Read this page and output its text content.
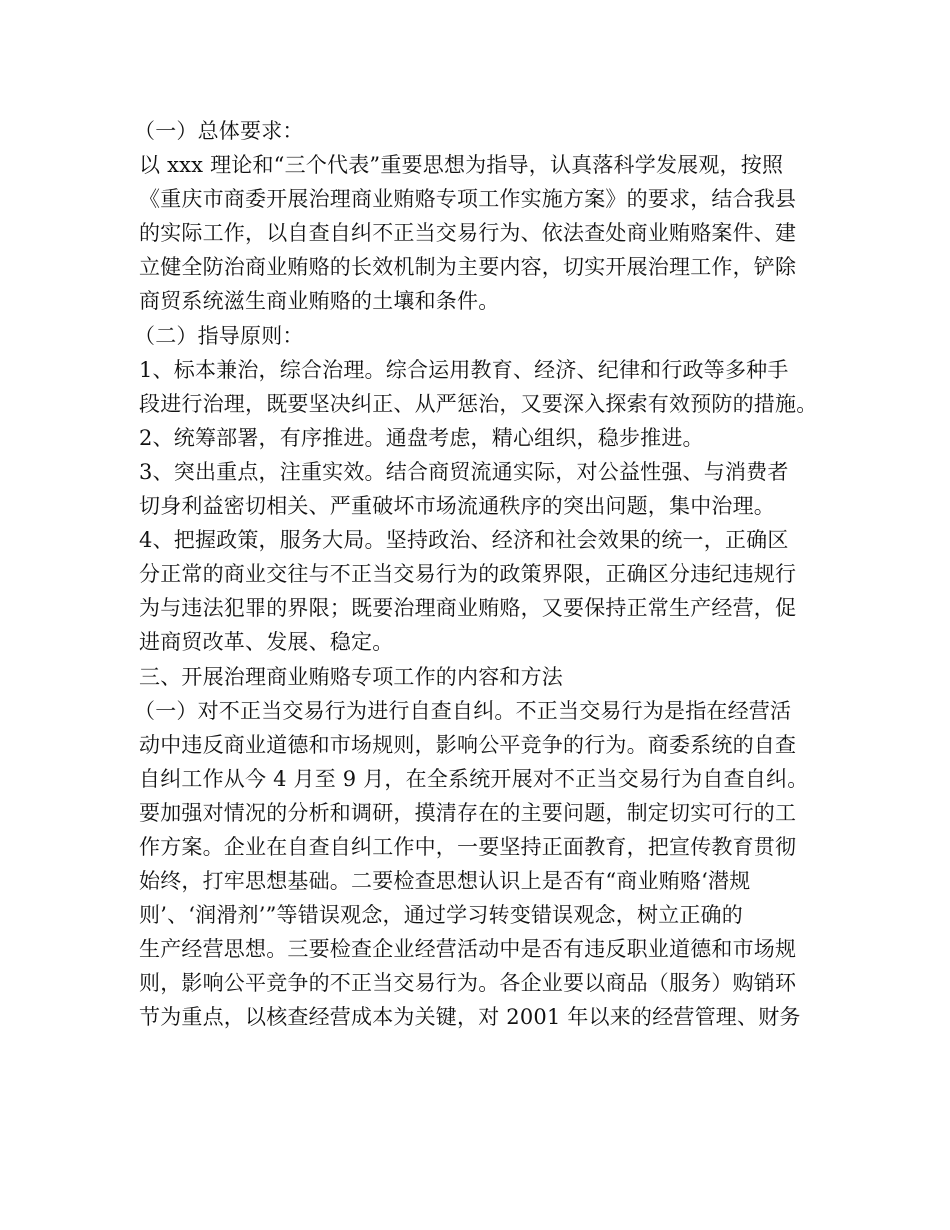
（一）总体要求：
以 xxx 理论和“三个代表”重要思想为指导，认真落科学发展观，按照
《重庆市商委开展治理商业贿赂专项工作实施方案》的要求，结合我县
的实际工作，以自查自纠不正当交易行为、依法查处商业贿赂案件、建
立健全防治商业贿赂的长效机制为主要内容，切实开展治理工作，铲除
商贸系统滋生商业贿赂的土壤和条件。
（二）指导原则：
1、标本兼治，综合治理。综合运用教育、经济、纪律和行政等多种手
段进行治理，既要坚决纠正、从严惩治，又要深入探索有效预防的措施。
2、统筹部署，有序推进。通盘考虑，精心组织，稳步推进。
3、突出重点，注重实效。结合商贸流通实际，对公益性强、与消费者
切身利益密切相关、严重破坏市场流通秩序的突出问题，集中治理。
4、把握政策，服务大局。坚持政治、经济和社会效果的统一，正确区
分正常的商业交往与不正当交易行为的政策界限，正确区分违纪违规行
为与违法犯罪的界限；既要治理商业贿赂，又要保持正常生产经营，促
进商贸改革、发展、稳定。
三、开展治理商业贿赂专项工作的内容和方法
（一）对不正当交易行为进行自查自纠。不正当交易行为是指在经营活
动中违反商业道德和市场规则，影响公平竞争的行为。商委系统的自查
自纠工作从今 4 月至 9 月，在全系统开展对不正当交易行为自查自纠。
要加强对情况的分析和调研，摸清存在的主要问题，制定切实可行的工
作方案。企业在自查自纠工作中，一要坚持正面教育，把宣传教育贯彻
始终，打牢思想基础。二要检查思想认识上是否有“商业贿赂‘潜规
则’、‘润滑剂’”等错误观念，通过学习转变错误观念，树立正确的
生产经营思想。三要检查企业经营活动中是否有违反职业道德和市场规
则，影响公平竞争的不正当交易行为。各企业要以商品（服务）购销环
节为重点，以核查经营成本为关键，对 2001 年以来的经营管理、财务
